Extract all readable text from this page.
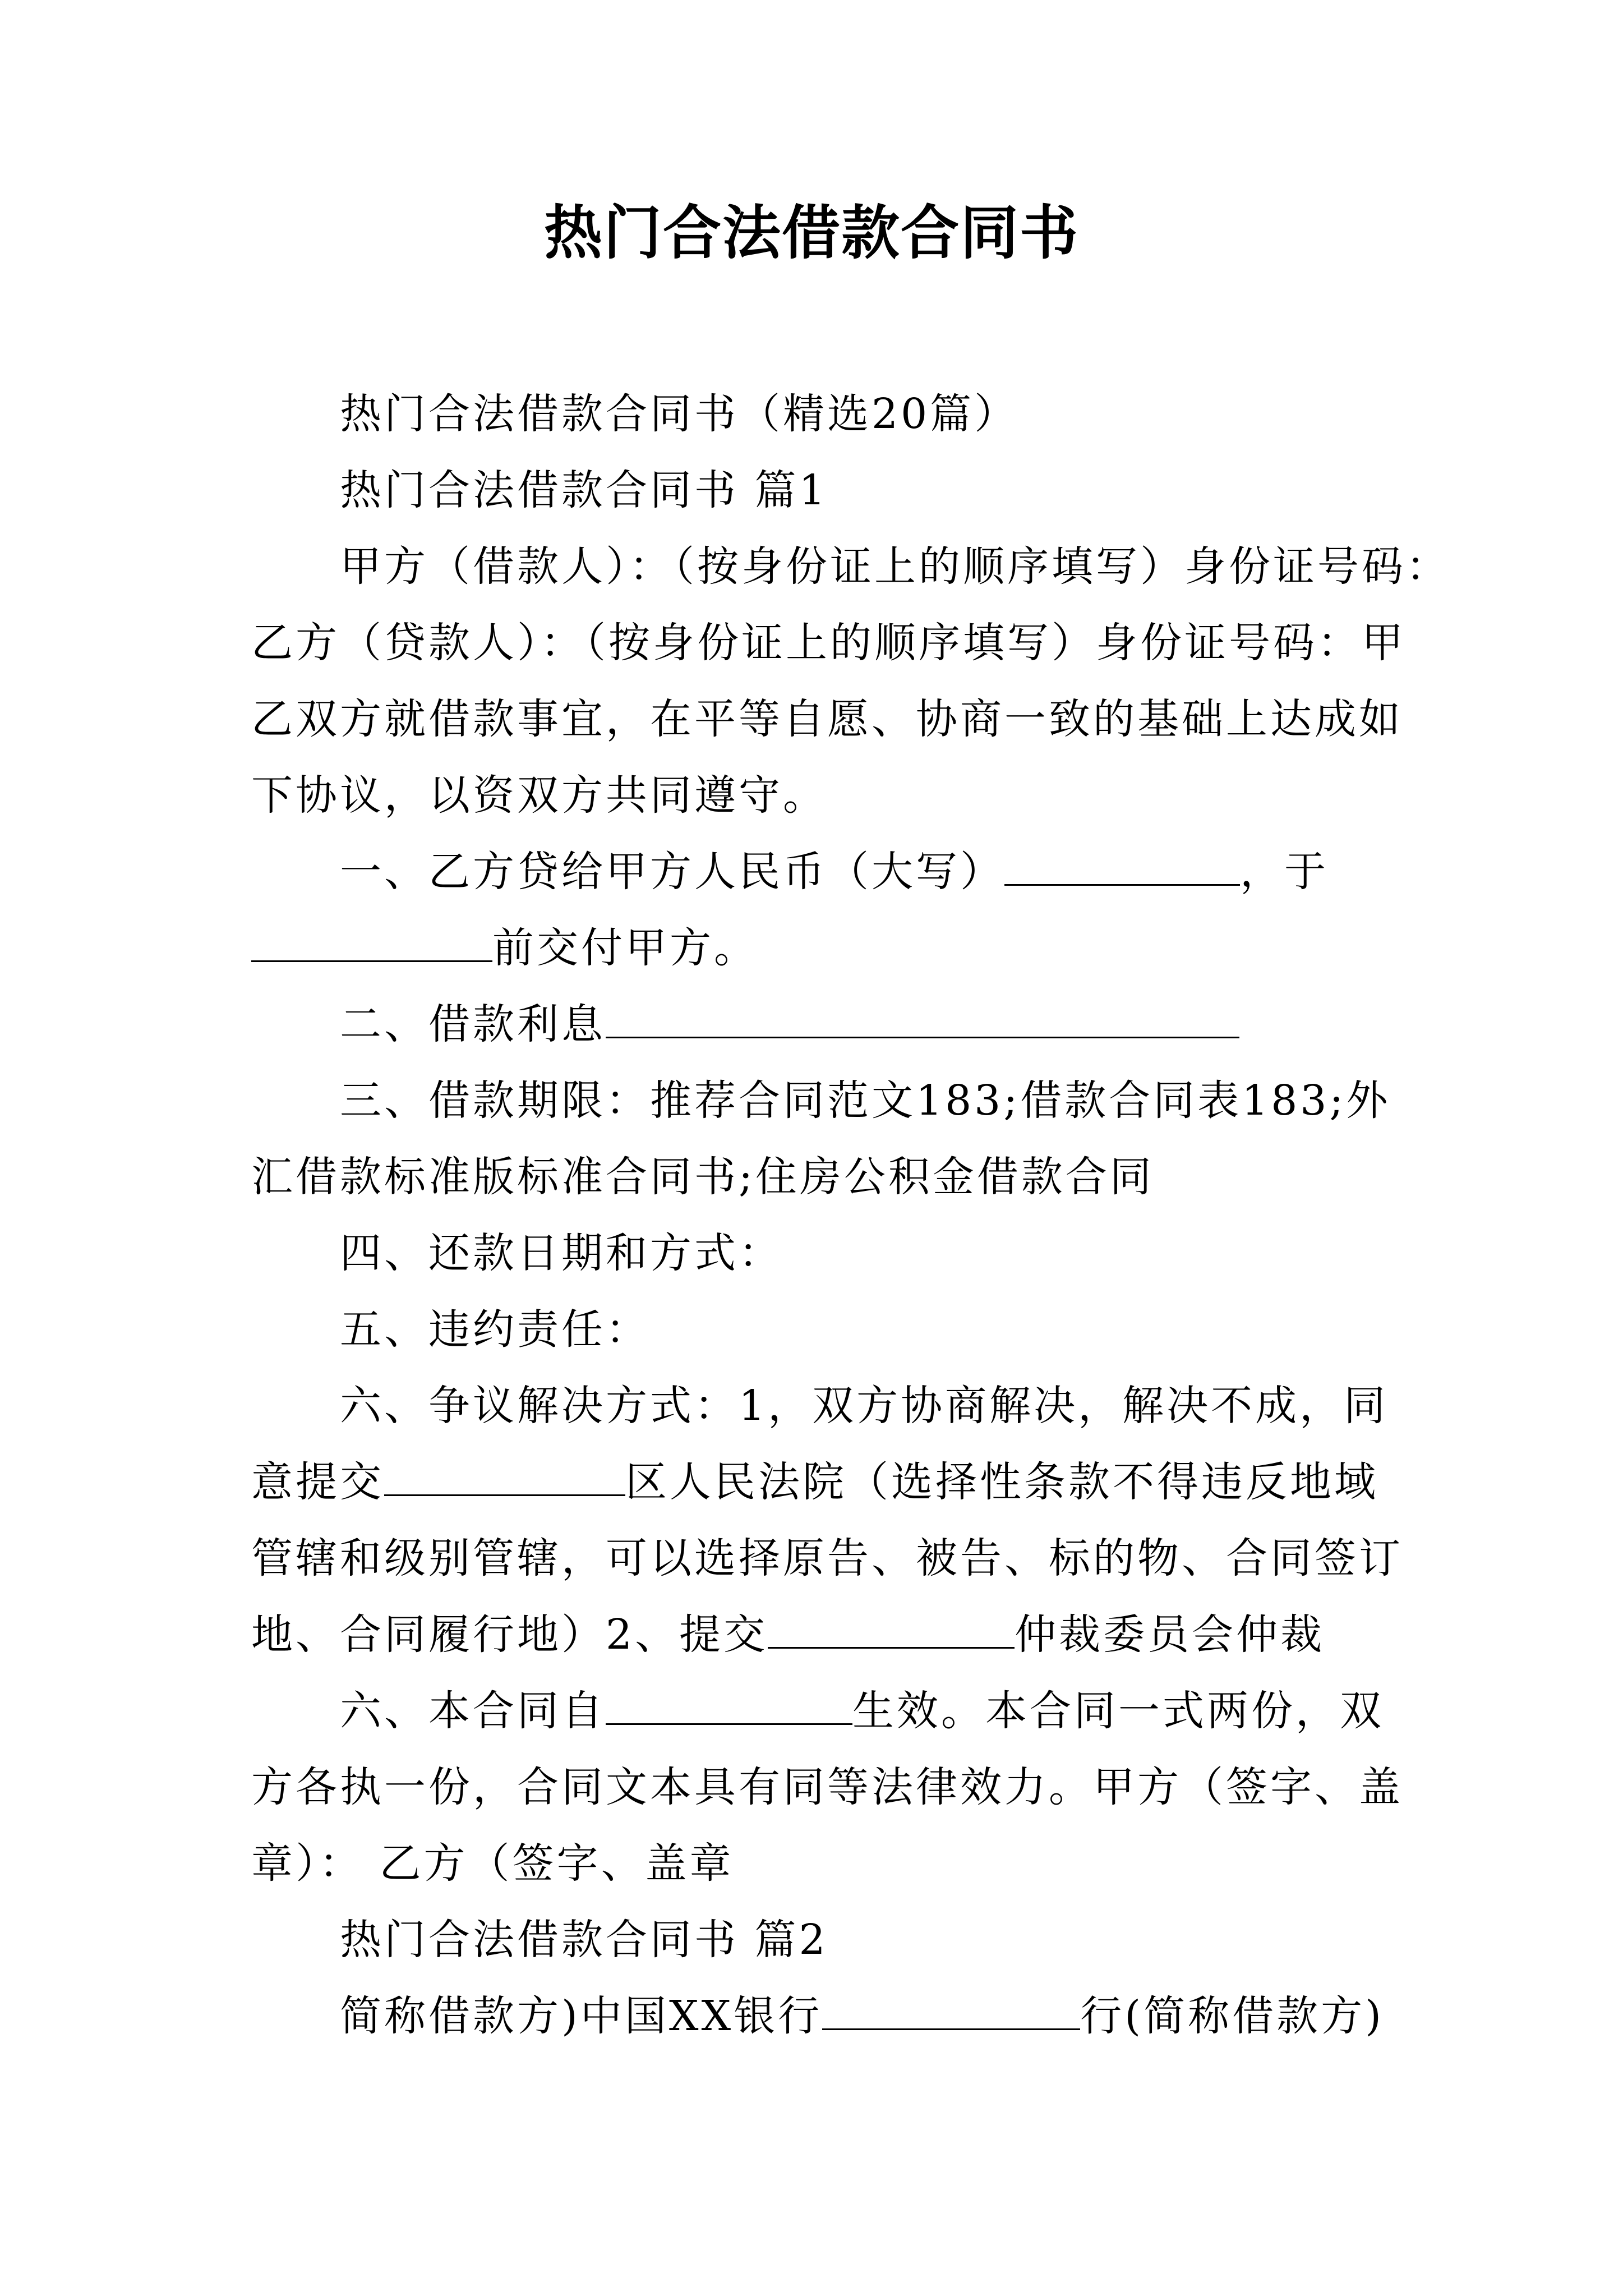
热门合法借款合同书

热门合法借款合同书（精选20篇）

热门合法借款合同书 篇1

甲方（借款人）：（按身份证上的顺序填写）身份证号码：

乙方（贷款人）：（按身份证上的顺序填写）身份证号码：甲

乙双方就借款事宜，在平等自愿、协商一致的基础上达成如

下协议，以资双方共同遵守。

一、乙方贷给甲方人民币（大写）	，于

前交付甲方。

二、借款利息

三、借款期限：推荐合同范文183;借款合同表183;外

汇借款标准版标准合同书;住房公积金借款合同

四、还款日期和方式：

五、违约责任：

六、争议解决方式：1，双方协商解决，解决不成，同

意提交	区人民法院（选择性条款不得违反地域

管辖和级别管辖，可以选择原告、被告、标的物、合同签订

地、合同履行地）2、提交	仲裁委员会仲裁

六、本合同自	生效。本合同一式两份，双

方各执一份，合同文本具有同等法律效力。甲方（签字、盖

章）： 乙方（签字、盖章

热门合法借款合同书 篇2

简称借款方)中国XX银行	行(简称借款方)
